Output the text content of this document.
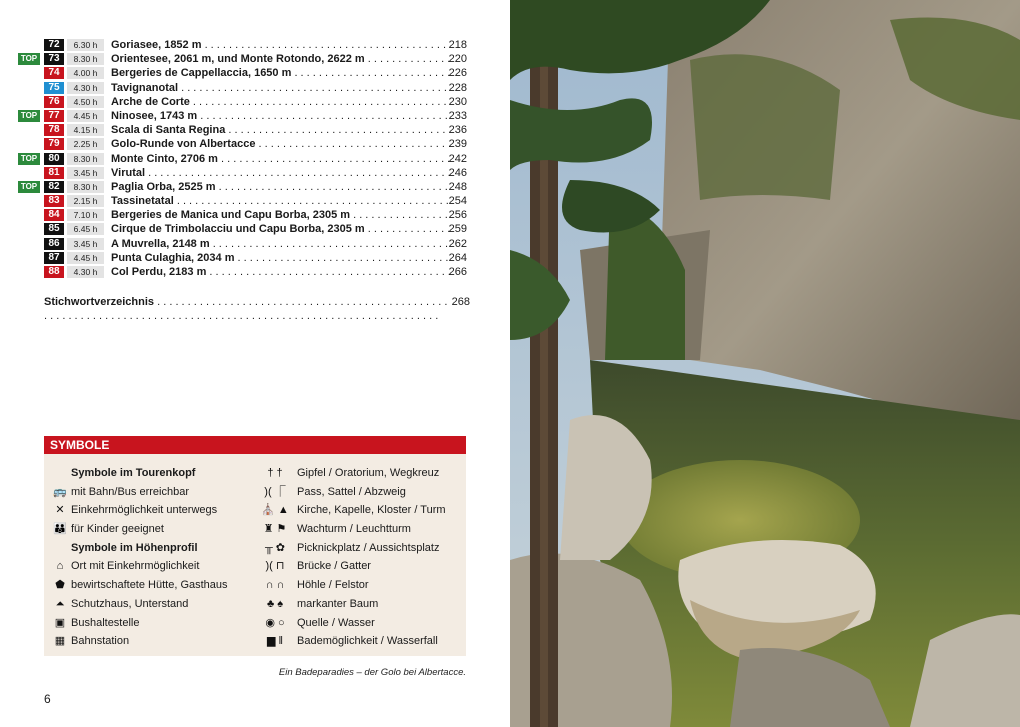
72	6.30 h	Goriasee, 1852 m . . .	218
TOP	73	8.30 h	Orientesee, 2061 m, und Monte Rotondo, 2622 m . . .	220
74	4.00 h	Bergeries de Cappellaccia, 1650 m . . .	226
75	4.30 h	Tavignanotal . . .	228
76	4.50 h	Arche de Corte . . .	230
TOP	77	4.45 h	Ninosee, 1743 m . . .	233
78	4.15 h	Scala di Santa Regina . . .	236
79	2.25 h	Golo-Runde von Albertacce . . .	239
TOP	80	8.30 h	Monte Cinto, 2706 m . . .	242
81	3.45 h	Virutal . . .	246
TOP	82	8.30 h	Paglia Orba, 2525 m . . .	248
83	2.15 h	Tassinetatal . . .	254
84	7.10 h	Bergeries de Manica und Capu Borba, 2305 m . . .	256
85	6.45 h	Cirque de Trimbolacciu und Capu Borba, 2305 m . . .	259
86	3.45 h	A Muvrella, 2148 m . . .	262
87	4.45 h	Punta Culaghia, 2034 m . . .	264
88	4.30 h	Col Perdu, 2183 m . . .	266
Stichwortverzeichnis . . .	268
SYMBOLE
Symbole im Tourenkopf
🚌 mit Bahn/Bus erreichbar
✕ Einkehrmöglichkeit unterwegs
👪 für Kinder geeignet
Symbole im Höhenprofil
⌂ Ort mit Einkehrmöglichkeit
⬟ bewirtschaftete Hütte, Gasthaus
⏶ Schutzhaus, Unterstand
▣ Bushaltestelle
▦ Bahnstation
† †	Gipfel / Oratorium, Wegkreuz
)( ⎾	Pass, Sattel / Abzweig
⛪ ▲ Kirche, Kapelle, Kloster / Turm
♜ ⚑ Wachturm / Leuchtturm
╥ ✿	Picknickplatz / Aussichtsplatz
)( ⊓	Brücke / Gatter
∩ ∩	Höhle / Felstor
♣ ♠	markanter Baum
◉ ○	Quelle / Wasser
▆ ‖	Bademöglichkeit / Wasserfall
Ein Badeparadies – der Golo bei Albertacce.
6
